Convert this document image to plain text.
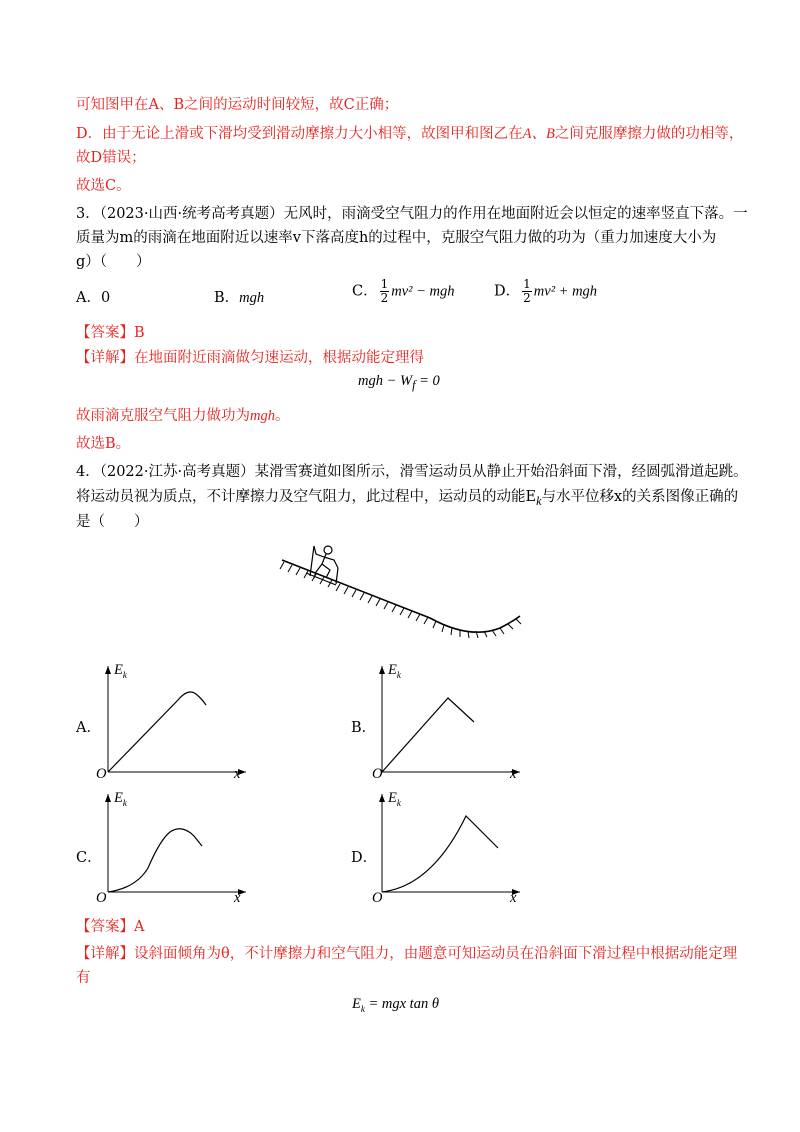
可知图甲在A、B之间的运动时间较短，故C正确；
D．由于无论上滑或下滑均受到滑动摩擦力大小相等，故图甲和图乙在A、B之间克服摩擦力做的功相等，
故D错误；
故选C。
3．（2023·山西·统考高考真题）无风时，雨滴受空气阻力的作用在地面附近会以恒定的速率竖直下落。一
质量为m的雨滴在地面附近以速率v下落高度h的过程中，克服空气阻力做的功为（重力加速度大小为
g）（　　）
A．0	B．mgh	C． $\frac{1}{2} mv^2$ − mgh	D． $\frac{1}{2} mv^2$ + mgh
【答案】B
【详解】在地面附近雨滴做匀速运动，根据动能定理得
mgh − $W_f = 0$
故雨滴克服空气阻力做功为mgh。
故选B。
4．（2022·江苏·高考真题）某滑雪赛道如图所示，滑雪运动员从静止开始沿斜面下滑，经圆弧滑道起跳。
将运动员视为质点，不计摩擦力及空气阻力，此过程中，运动员的动能$E_k$与水平位移x的关系图像正确的
是（　　）
A．
$E_k$
O	x
B．
$E_k$
O	x
C．
$E_k$
O	x
D．
$E_k$
O	x
【答案】A
【详解】设斜面倾角为θ，不计摩擦力和空气阻力，由题意可知运动员在沿斜面下滑过程中根据动能定理
有
$E_k$ = mgx tan θ
